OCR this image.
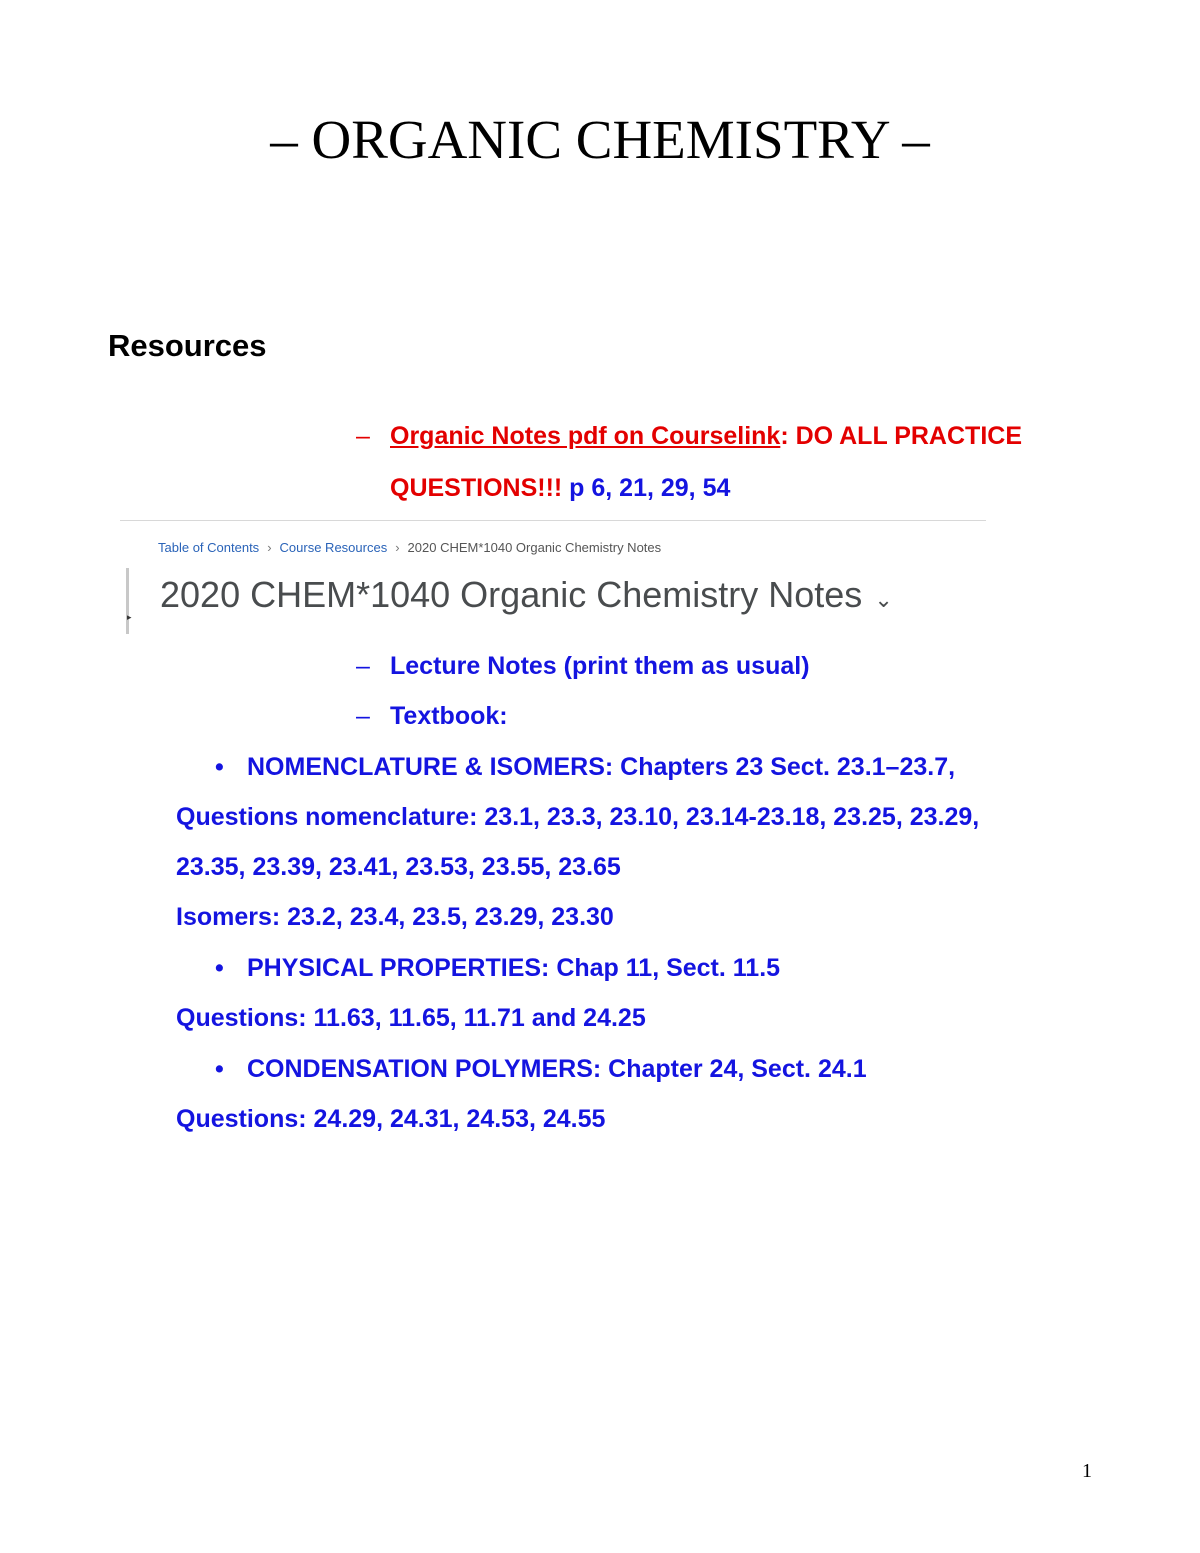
– ORGANIC CHEMISTRY –
Resources
– Organic Notes pdf on Courselink: DO ALL PRACTICE
QUESTIONS!!! p 6, 21, 29, 54
Table of Contents › Course Resources › 2020 CHEM*1040 Organic Chemistry Notes
▸
2020 CHEM*1040 Organic Chemistry Notes ⌄
– Lecture Notes (print them as usual)
– Textbook:
• NOMENCLATURE & ISOMERS: Chapters 23 Sect. 23.1–23.7,
Questions nomenclature: 23.1, 23.3, 23.10, 23.14-23.18, 23.25, 23.29,
23.35, 23.39, 23.41, 23.53, 23.55, 23.65
Isomers: 23.2, 23.4, 23.5, 23.29, 23.30
• PHYSICAL PROPERTIES: Chap 11, Sect. 11.5
Questions: 11.63, 11.65, 11.71 and 24.25
• CONDENSATION POLYMERS: Chapter 24, Sect. 24.1
Questions: 24.29, 24.31, 24.53, 24.55
1
